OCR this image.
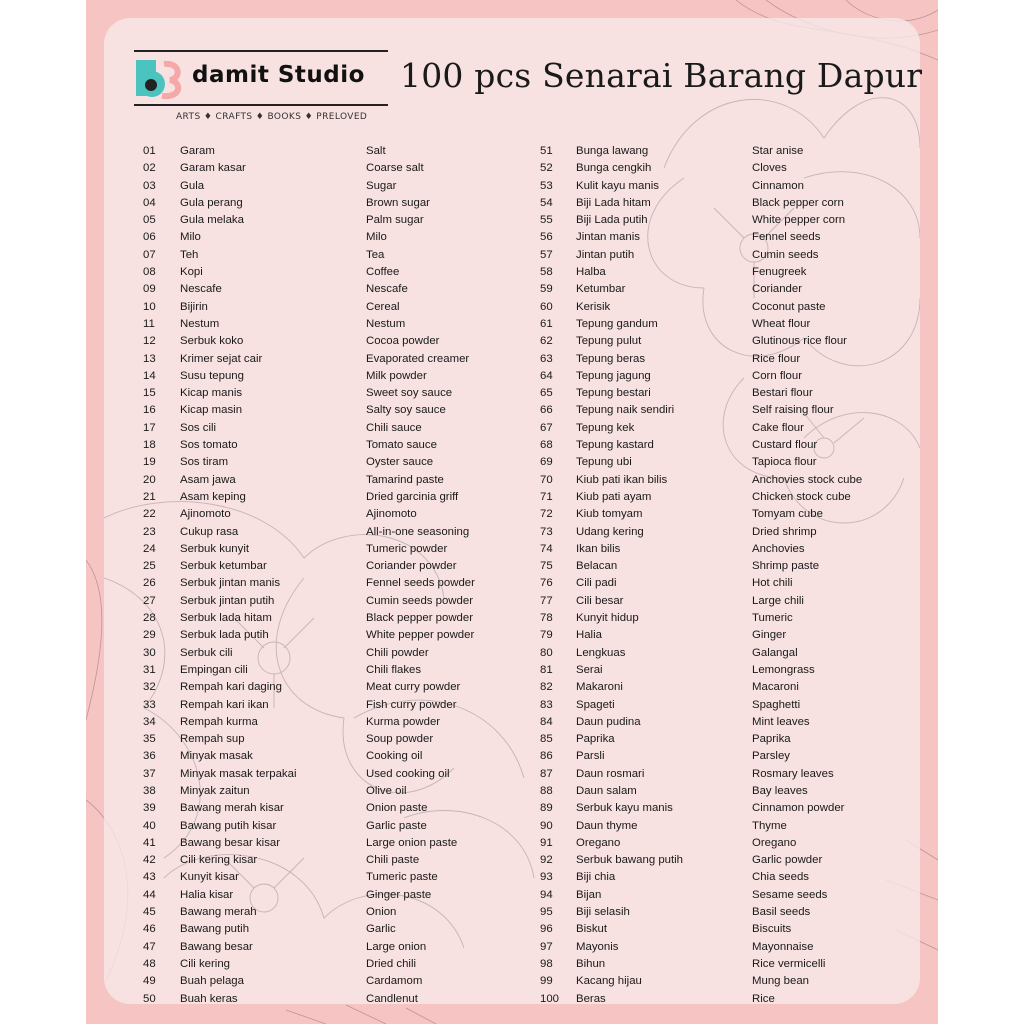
damit Studio
ARTS ♦ CRAFTS ♦ BOOKS ♦ PRELOVED
100 pcs Senarai Barang Dapur
01 Garam	Salt
02 Garam kasar	Coarse salt
03 Gula	Sugar
04 Gula perang	Brown sugar
05 Gula melaka	Palm sugar
06 Milo	Milo
07 Teh	Tea
08 Kopi	Coffee
09 Nescafe	Nescafe
10 Bijirin	Cereal
11 Nestum	Nestum
12 Serbuk koko	Cocoa powder
13 Krimer sejat cair	Evaporated creamer
14 Susu tepung	Milk powder
15 Kicap manis	Sweet soy sauce
16 Kicap masin	Salty soy sauce
17 Sos cili	Chili sauce
18 Sos tomato	Tomato sauce
19 Sos tiram	Oyster sauce
20 Asam jawa	Tamarind paste
21 Asam keping	Dried garcinia griff
22 Ajinomoto	Ajinomoto
23 Cukup rasa	All-in-one seasoning
24 Serbuk kunyit	Tumeric powder
25 Serbuk ketumbar	Coriander powder
26 Serbuk jintan manis	Fennel seeds powder
27 Serbuk jintan putih	Cumin seeds powder
28 Serbuk lada hitam	Black pepper powder
29 Serbuk lada putih	White pepper powder
30 Serbuk cili	Chili powder
31 Empingan cili	Chili flakes
32 Rempah kari daging	Meat curry powder
33 Rempah kari ikan	Fish curry powder
34 Rempah kurma	Kurma powder
35 Rempah sup	Soup powder
36 Minyak masak	Cooking oil
37 Minyak masak terpakai	Used cooking oil
38 Minyak zaitun	Olive oil
39 Bawang merah kisar	Onion paste
40 Bawang putih kisar	Garlic paste
41 Bawang besar kisar	Large onion paste
42 Cili kering kisar	Chili paste
43 Kunyit kisar	Tumeric paste
44 Halia kisar	Ginger paste
45 Bawang merah	Onion
46 Bawang putih	Garlic
47 Bawang besar	Large onion
48 Cili kering	Dried chili
49 Buah pelaga	Cardamom
50 Buah keras	Candlenut
51 Bunga lawang	Star anise
52 Bunga cengkih	Cloves
53 Kulit kayu manis	Cinnamon
54 Biji Lada hitam	Black pepper corn
55 Biji Lada putih	White pepper corn
56 Jintan manis	Fennel seeds
57 Jintan putih	Cumin seeds
58 Halba	Fenugreek
59 Ketumbar	Coriander
60 Kerisik	Coconut paste
61 Tepung gandum	Wheat flour
62 Tepung pulut	Glutinous rice flour
63 Tepung beras	Rice flour
64 Tepung jagung	Corn flour
65 Tepung bestari	Bestari flour
66 Tepung naik sendiri	Self raising flour
67 Tepung kek	Cake flour
68 Tepung kastard	Custard flour
69 Tepung ubi	Tapioca flour
70 Kiub pati ikan bilis	Anchovies stock cube
71 Kiub pati ayam	Chicken stock cube
72 Kiub tomyam	Tomyam cube
73 Udang kering	Dried shrimp
74 Ikan bilis	Anchovies
75 Belacan	Shrimp paste
76 Cili padi	Hot chili
77 Cili besar	Large chili
78 Kunyit hidup	Tumeric
79 Halia	Ginger
80 Lengkuas	Galangal
81 Serai	Lemongrass
82 Makaroni	Macaroni
83 Spageti	Spaghetti
84 Daun pudina	Mint leaves
85 Paprika	Paprika
86 Parsli	Parsley
87 Daun rosmari	Rosmary leaves
88 Daun salam	Bay leaves
89 Serbuk kayu manis	Cinnamon powder
90 Daun thyme	Thyme
91 Oregano	Oregano
92 Serbuk bawang putih	Garlic powder
93 Biji chia	Chia seeds
94 Bijan	Sesame seeds
95 Biji selasih	Basil seeds
96 Biskut	Biscuits
97 Mayonis	Mayonnaise
98 Bihun	Rice vermicelli
99 Kacang hijau	Mung bean
100 Beras	Rice
